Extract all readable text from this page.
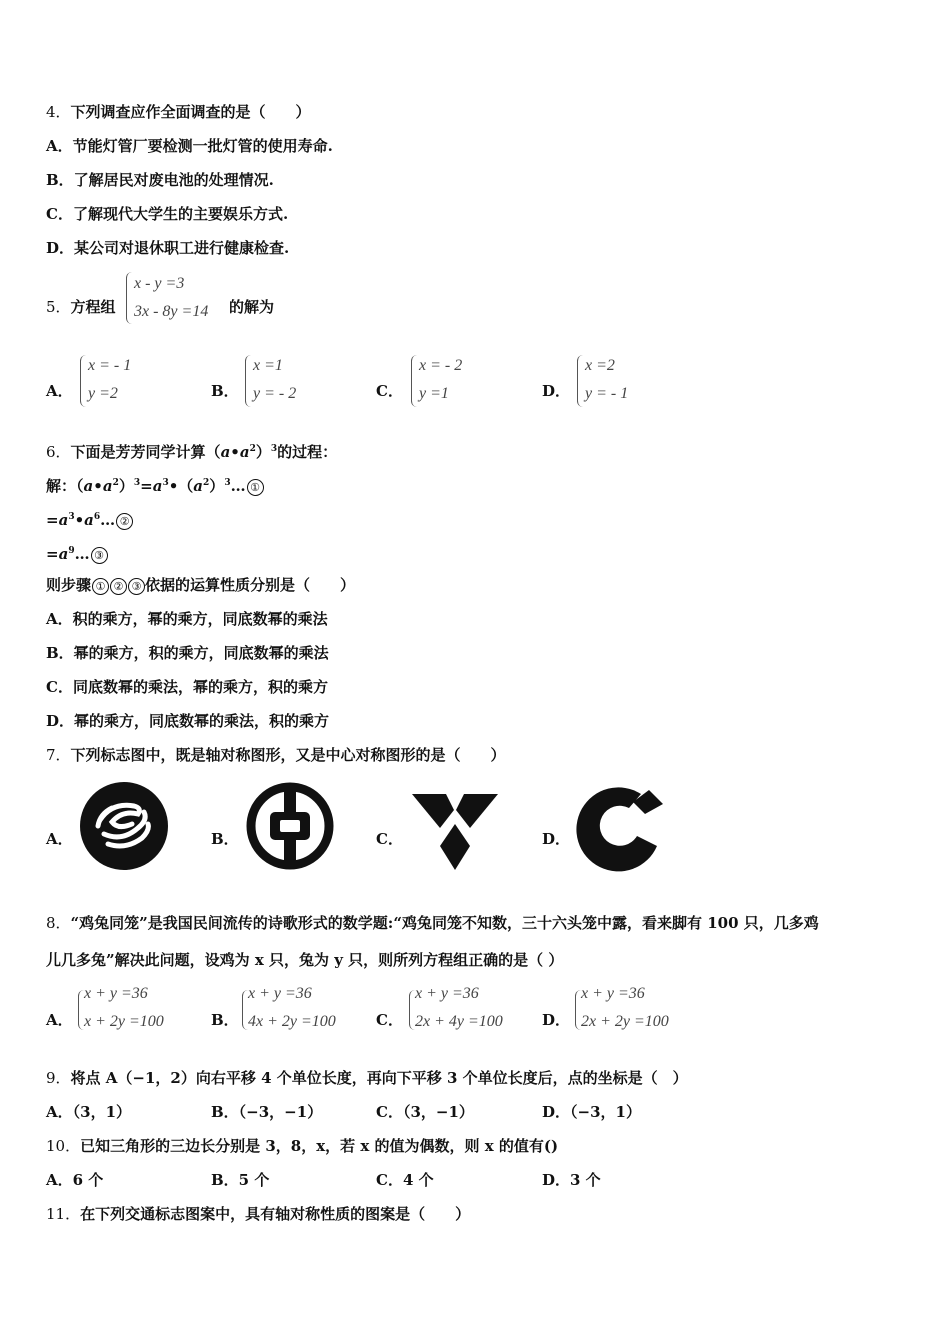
4．下列调查应作全面调查的是（　　）
A．节能灯管厂要检测一批灯管的使用寿命.
B．了解居民对废电池的处理情况.
C．了解现代大学生的主要娱乐方式.
D．某公司对退休职工进行健康检查.
5．方程组
x - y =3
3x - 8y =14 的解为
A．
x = - 1
y =2	B．
x =1
y = - 2	C．
x = - 2
y =1	D．
x =2
y = - 1
6．下面是芳芳同学计算$(a•a^2)^3$的过程：
解：$(a•a^2)^3=a^3•(a^2)^3\dots$ ①
$=a^3•a^6\dots$ ②
$=a^9\dots$ ③
则步骤 ① ② ③ 依据的运算性质分别是（　　）
A．积的乘方，幂的乘方，同底数幂的乘法
B．幂的乘方，积的乘方，同底数幂的乘法
C．同底数幂的乘法，幂的乘方，积的乘方
D．幂的乘方，同底数幂的乘法，积的乘方
7．下列标志图中，既是轴对称图形，又是中心对称图形的是（　　）
A．	B．	C．	D．
8．“鸡兔同笼”是我国民间流传的诗歌形式的数学题:“鸡兔同笼不知数，三十六头笼中露，看来脚有 100 只，几多鸡
儿几多兔”解决此问题，设鸡为 x 只，兔为 y 只，则所列方程组正确的是（ ）
A．
x + y =36
x + 2y =100	B．
x + y =36
4x + 2y =100	C．
x + y =36
2x + 4y =100	D．
x + y =36
2x + 2y =100
9．将点 A（−1，2）向右平移 4 个单位长度，再向下平移 3 个单位长度后，点的坐标是（　）
A．（3，1）	B．（−3，−1）	C．（3，−1）	D．（−3，1）
10．已知三角形的三边长分别是 3，8，x，若 x 的值为偶数，则 x 的值有()
A．6 个	B．5 个	C．4 个	D．3 个
11．在下列交通标志图案中，具有轴对称性质的图案是（　　）
